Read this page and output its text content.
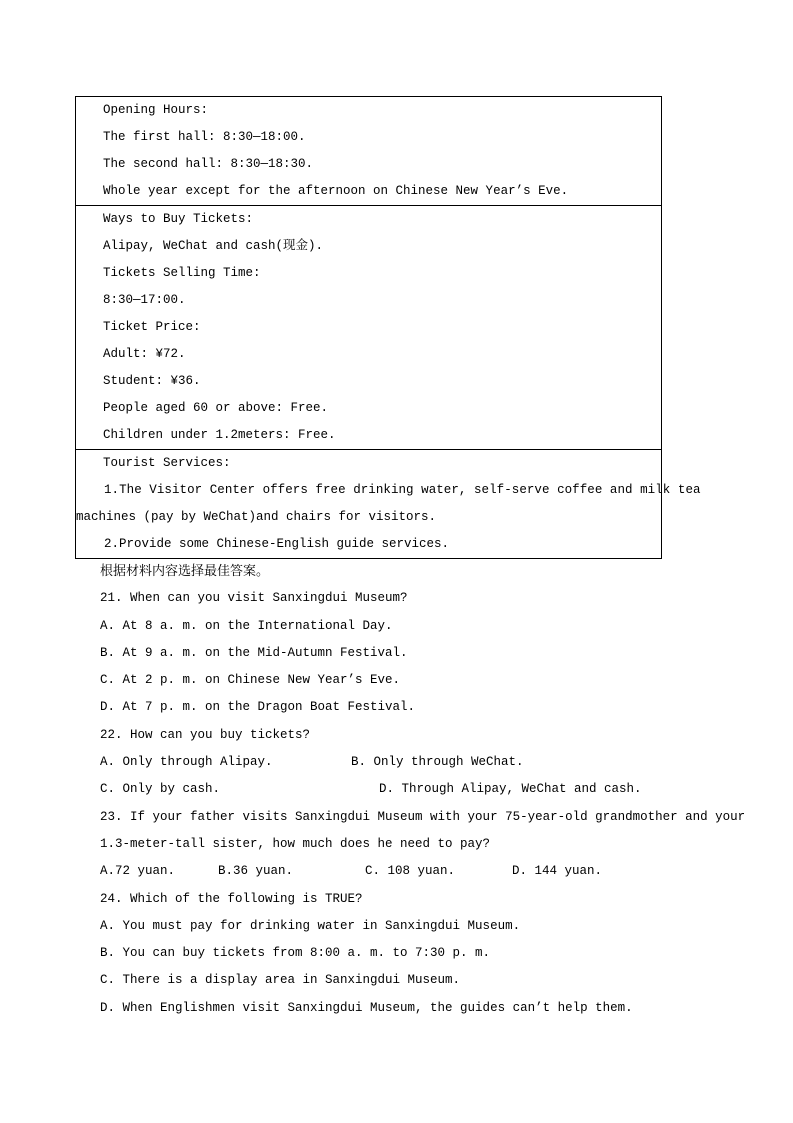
Opening Hours:
The first hall: 8:30—18:00.
The second hall: 8:30—18:30.
Whole year except for the afternoon on Chinese New Year’s Eve.
Ways to Buy Tickets:
Alipay, WeChat and cash(现金).
Tickets Selling Time:
8:30—17:00.
Ticket Price:
Adult: ¥72.
Student: ¥36.
People aged 60 or above: Free.
Children under 1.2meters: Free.
Tourist Services:
1.The Visitor Center offers free drinking water, self-serve coffee and milk tea
machines (pay by WeChat)and chairs for visitors.
2.Provide some Chinese-English guide services.
根据材料内容选择最佳答案。
21. When can you visit Sanxingdui Museum?
A. At 8 a. m. on the International Day.
B. At 9 a. m. on the Mid-Autumn Festival.
C. At 2 p. m. on Chinese New Year’s Eve.
D. At 7 p. m. on the Dragon Boat Festival.
22. How can you buy tickets?
A. Only through Alipay.	B. Only through WeChat.
C. Only by cash.	D. Through Alipay, WeChat and cash.
23. If your father visits Sanxingdui Museum with your 75-year-old grandmother and your
1.3-meter-tall sister, how much does he need to pay?
A.72 yuan.	B.36 yuan.	C. 108 yuan.	D. 144 yuan.
24. Which of the following is TRUE?
A. You must pay for drinking water in Sanxingdui Museum.
B. You can buy tickets from 8:00 a. m. to 7:30 p. m.
C. There is a display area in Sanxingdui Museum.
D. When Englishmen visit Sanxingdui Museum, the guides can’t help them.
